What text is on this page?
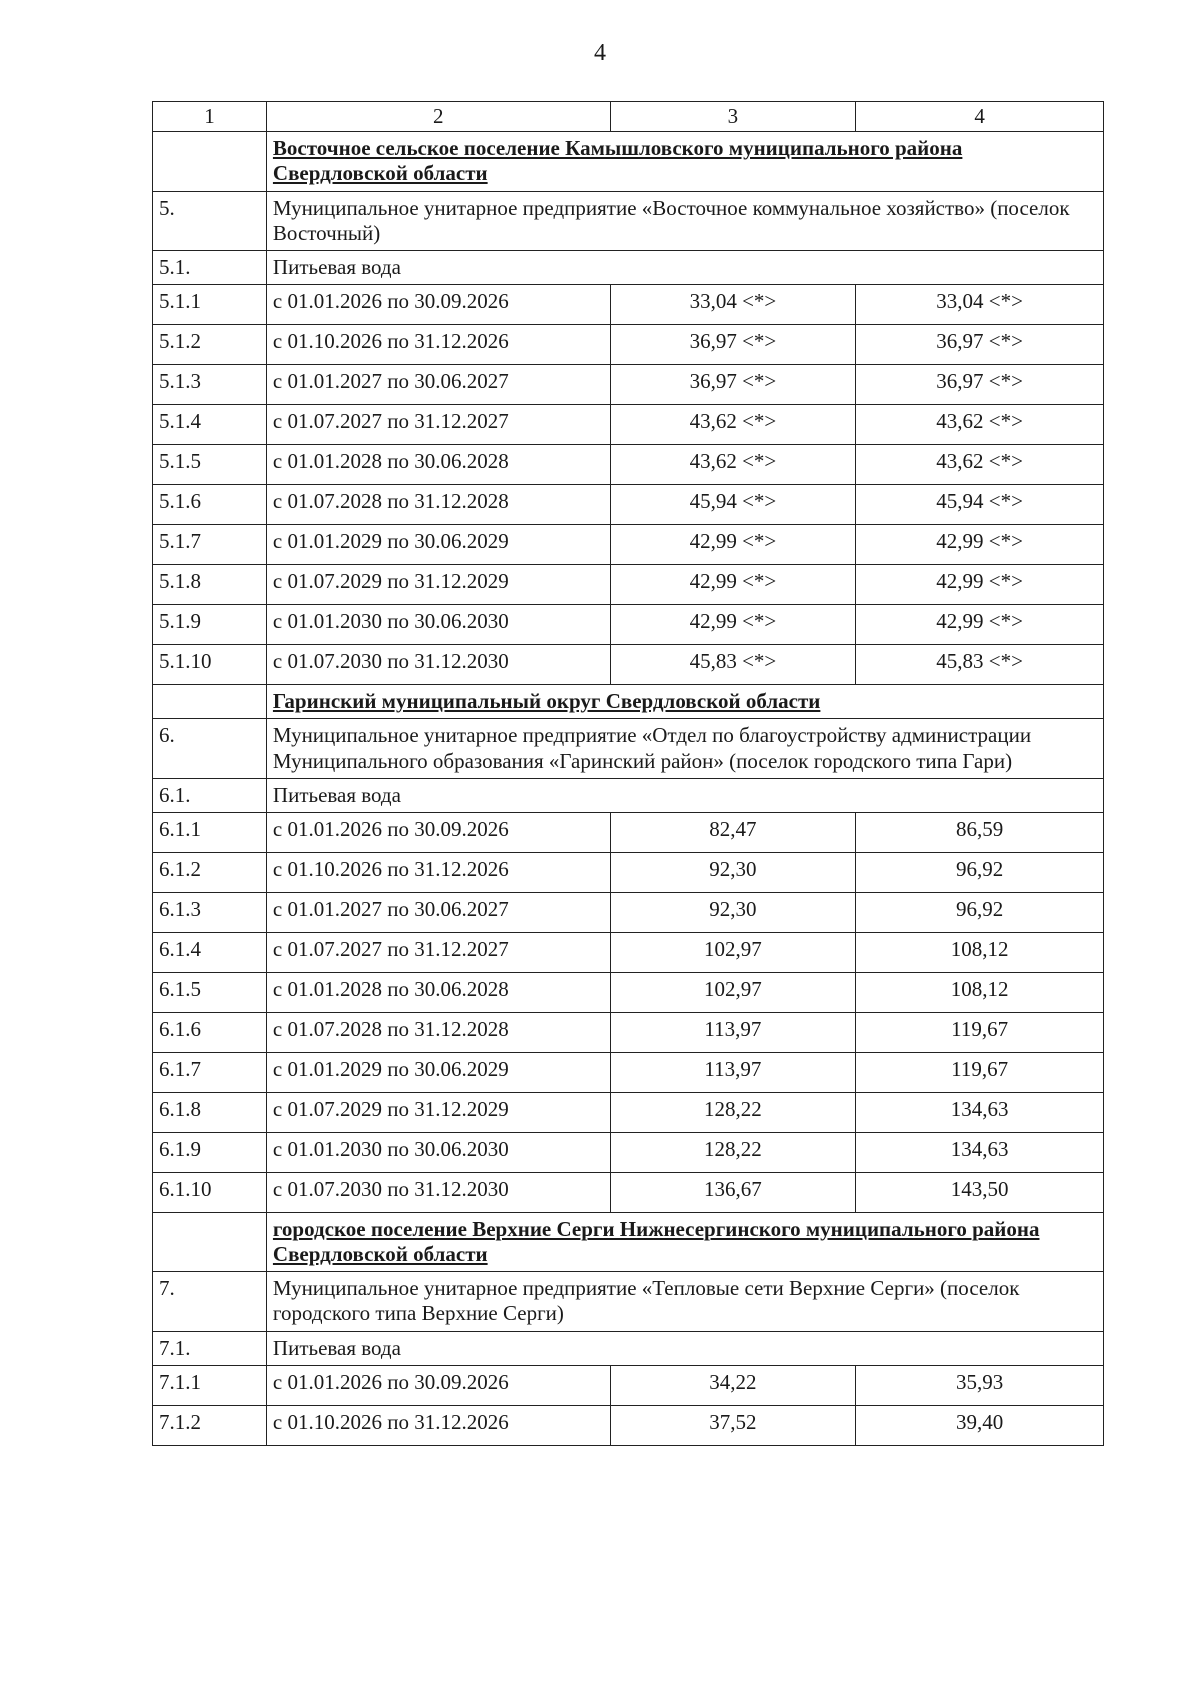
4
1	2	3	4
	Восточное сельское поселение Камышловского муниципального района Свердловской области		
5.	Муниципальное унитарное предприятие «Восточное коммунальное хозяйство» (поселок Восточный)		
5.1.	Питьевая вода		
5.1.1	с 01.01.2026 по 30.09.2026	33,04 <*>	33,04 <*>
5.1.2	с 01.10.2026 по 31.12.2026	36,97 <*>	36,97 <*>
5.1.3	с 01.01.2027 по 30.06.2027	36,97 <*>	36,97 <*>
5.1.4	с 01.07.2027 по 31.12.2027	43,62 <*>	43,62 <*>
5.1.5	с 01.01.2028 по 30.06.2028	43,62 <*>	43,62 <*>
5.1.6	с 01.07.2028 по 31.12.2028	45,94 <*>	45,94 <*>
5.1.7	с 01.01.2029 по 30.06.2029	42,99 <*>	42,99 <*>
5.1.8	с 01.07.2029 по 31.12.2029	42,99 <*>	42,99 <*>
5.1.9	с 01.01.2030 по 30.06.2030	42,99 <*>	42,99 <*>
5.1.10	с 01.07.2030 по 31.12.2030	45,83 <*>	45,83 <*>
	Гаринский муниципальный округ Свердловской области		
6.	Муниципальное унитарное предприятие «Отдел по благоустройству администрации Муниципального образования «Гаринский район» (поселок городского типа Гари)		
6.1.	Питьевая вода		
6.1.1	с 01.01.2026 по 30.09.2026	82,47	86,59
6.1.2	с 01.10.2026 по 31.12.2026	92,30	96,92
6.1.3	с 01.01.2027 по 30.06.2027	92,30	96,92
6.1.4	с 01.07.2027 по 31.12.2027	102,97	108,12
6.1.5	с 01.01.2028 по 30.06.2028	102,97	108,12
6.1.6	с 01.07.2028 по 31.12.2028	113,97	119,67
6.1.7	с 01.01.2029 по 30.06.2029	113,97	119,67
6.1.8	с 01.07.2029 по 31.12.2029	128,22	134,63
6.1.9	с 01.01.2030 по 30.06.2030	128,22	134,63
6.1.10	с 01.07.2030 по 31.12.2030	136,67	143,50
	городское поселение Верхние Серги Нижнесергинского муниципального района Свердловской области		
7.	Муниципальное унитарное предприятие «Тепловые сети Верхние Серги» (поселок городского типа Верхние Серги)		
7.1.	Питьевая вода		
7.1.1	с 01.01.2026 по 30.09.2026	34,22	35,93
7.1.2	с 01.10.2026 по 31.12.2026	37,52	39,40
